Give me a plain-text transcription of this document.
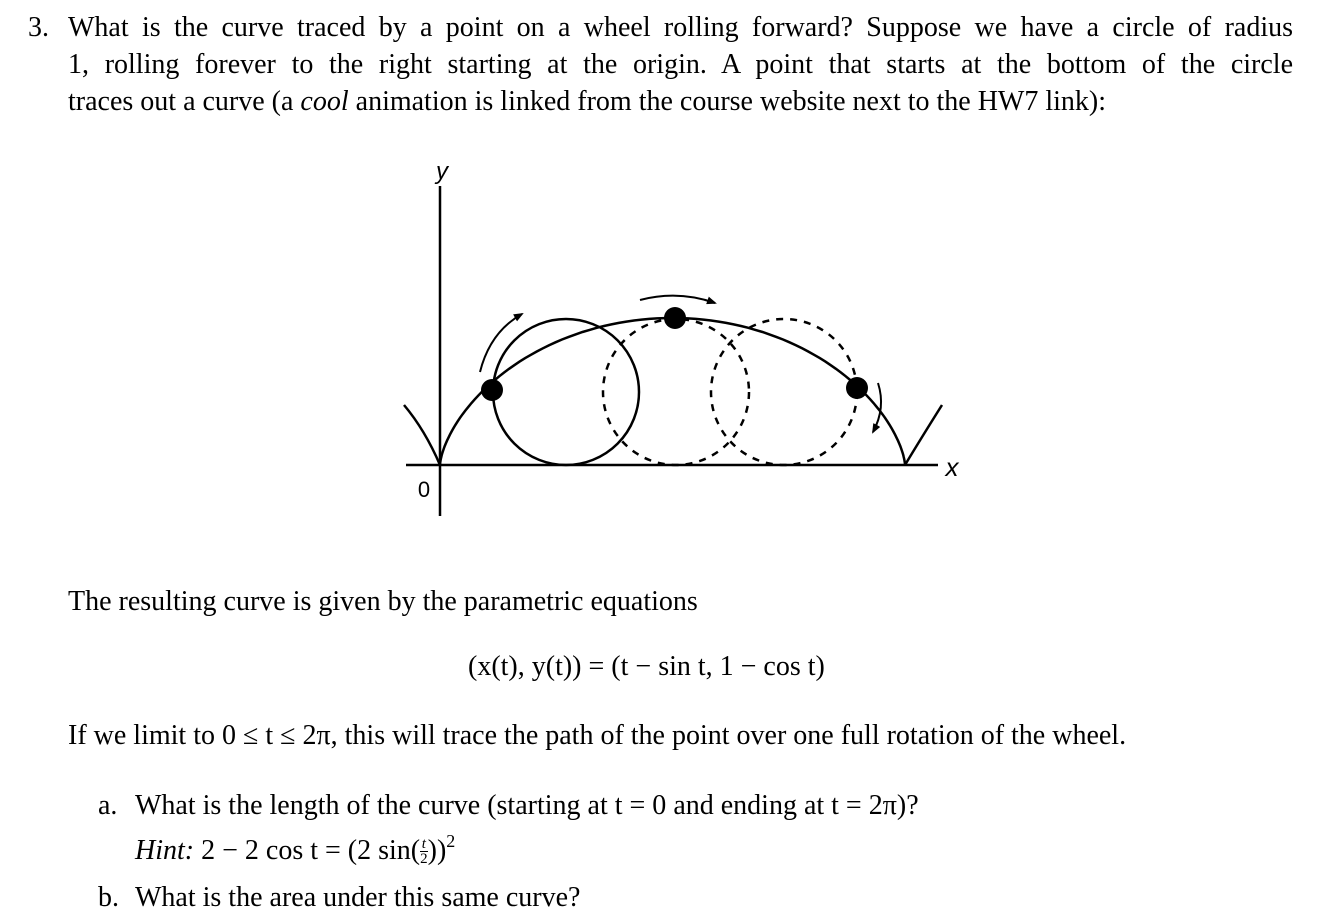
3. What is the curve traced by a point on a wheel rolling forward? Suppose we have a circle of radius
1, rolling forever to the right starting at the origin. A point that starts at the bottom of the circle
traces out a curve (a cool animation is linked from the course website next to the HW7 link):
y
x
0
The resulting curve is given by the parametric equations
(x(t), y(t)) = (t − sin t, 1 − cos t)
If we limit to 0 ≤ t ≤ 2π, this will trace the path of the point over one full rotation of the wheel.
a. What is the length of the curve (starting at t = 0 and ending at t = 2π)?
Hint: 2 − 2 cos t = (2 $\sin( \frac{t}{2} ))^2$
b. What is the area under this same curve?
